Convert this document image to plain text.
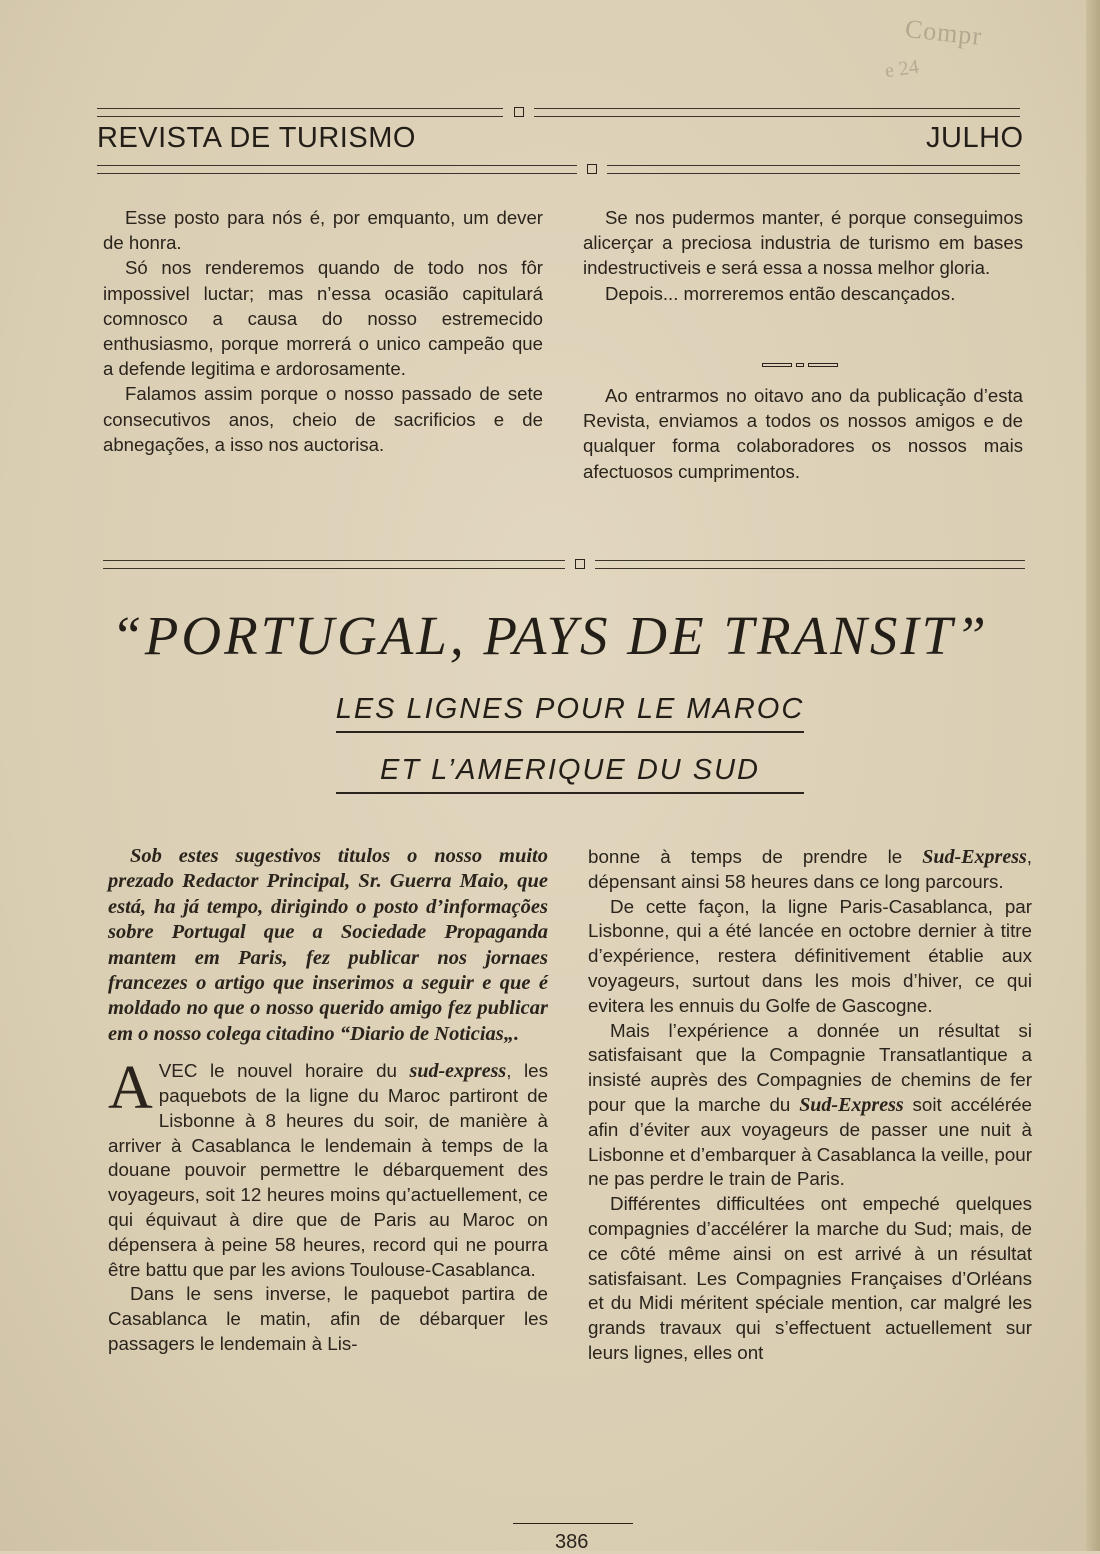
Compr
e 24
REVISTA DE TURISMO	JULHO

Esse posto para nós é, por emquanto, um dever de honra.

Só nos renderemos quando de todo nos fôr impossivel luctar; mas n’essa ocasião capitulará comnosco a causa do nosso estremecido enthusiasmo, porque morrerá o unico campeão que a defende legitima e ardorosamente.

Falamos assim porque o nosso passado de sete consecutivos anos, cheio de sacrificios e de abnegações, a isso nos auctorisa.

Se nos pudermos manter, é porque conseguimos alicerçar a preciosa industria de turismo em bases indestructiveis e será essa a nossa melhor gloria.

Depois... morreremos então descançados.

Ao entrarmos no oitavo ano da publicação d’esta Revista, enviamos a todos os nossos amigos e de qualquer forma colaboradores os nossos mais afectuosos cumprimentos.

“PORTUGAL, PAYS DE TRANSIT”
LES LIGNES POUR LE MAROC
ET L’AMERIQUE DU SUD

Sob estes sugestivos titulos o nosso muito prezado Redactor Principal, Sr. Guerra Maio, que está, ha já tempo, dirigindo o posto d’informações sobre Portugal que a Sociedade Propaganda mantem em Paris, fez publicar nos jornaes francezes o artigo que inserimos a seguir e que é moldado no que o nosso querido amigo fez publicar em o nosso colega citadino “Diario de Noticias„.

AVEC le nouvel horaire du sud-express, les paquebots de la ligne du Maroc partiront de Lisbonne à 8 heures du soir, de manière à arriver à Casablanca le lendemain à temps de la douane pouvoir permettre le débarquement des voyageurs, soit 12 heures moins qu’actuellement, ce qui équivaut à dire que de Paris au Maroc on dépensera à peine 58 heures, record qui ne pourra être battu que par les avions Toulouse-Casablanca.

Dans le sens inverse, le paquebot partira de Casablanca le matin, afin de débarquer les passagers le lendemain à Lis-

bonne à temps de prendre le Sud-Express, dépensant ainsi 58 heures dans ce long parcours.

De cette façon, la ligne Paris-Casablanca, par Lisbonne, qui a été lancée en octobre dernier à titre d’expérience, restera définitivement établie aux voyageurs, surtout dans les mois d’hiver, ce qui evitera les ennuis du Golfe de Gascogne.

Mais l’expérience a donnée un résultat si satisfaisant que la Compagnie Transatlantique a insisté auprès des Compagnies de chemins de fer pour que la marche du Sud-Express soit accélérée afin d’éviter aux voyageurs de passer une nuit à Lisbonne et d’embarquer à Casablanca la veille, pour ne pas perdre le train de Paris.

Différentes difficultées ont empeché quelques compagnies d’accélérer la marche du Sud; mais, de ce côté même ainsi on est arrivé à un résultat satisfaisant. Les Compagnies Françaises d’Orléans et du Midi méritent spéciale mention, car malgré les grands travaux qui s’effectuent actuellement sur leurs lignes, elles ont

386
